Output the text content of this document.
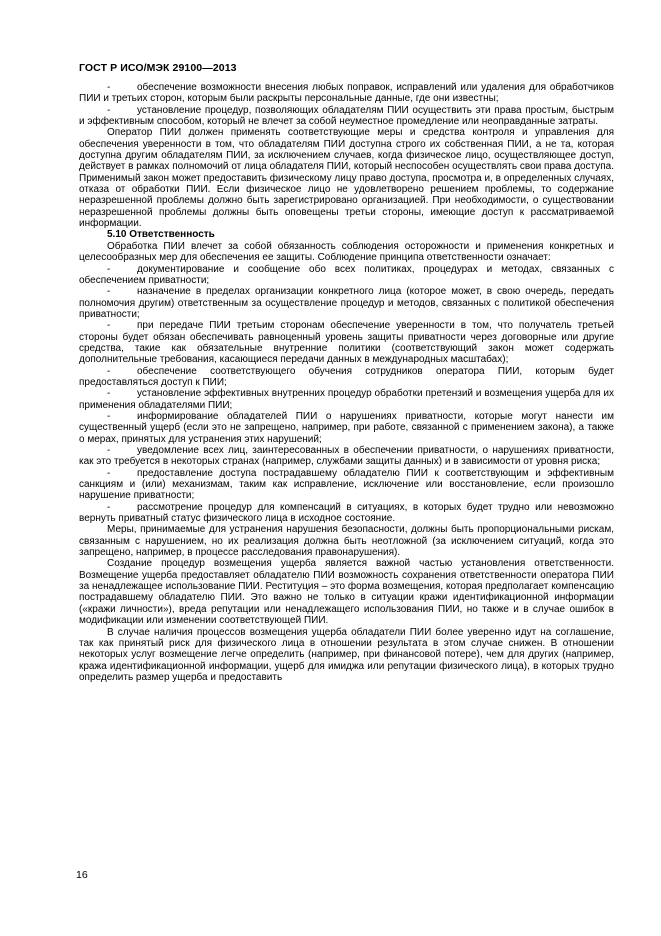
ГОСТ Р ИСО/МЭК 29100—2013

-	обеспечение возможности внесения любых поправок, исправлений или удаления для обработчиков ПИИ и третьих сторон, которым были раскрыты персональные данные, где они известны;

-	установление процедур, позволяющих обладателям ПИИ осуществить эти права простым, быстрым и эффективным способом, который не влечет за собой неуместное промедление или неоправданные затраты.

Оператор ПИИ должен применять соответствующие меры и средства контроля и управления для обеспечения уверенности в том, что обладателям ПИИ доступна строго их собственная ПИИ, а не та, которая доступна другим обладателям ПИИ, за исключением случаев, когда физическое лицо, осуществляющее доступ, действует в рамках полномочий от лица обладателя ПИИ, который неспособен осуществлять свои права доступа. Применимый закон может предоставить физическому лицу право доступа, просмотра и, в определенных случаях, отказа от обработки ПИИ. Если физическое лицо не удовлетворено решением проблемы, то содержание неразрешенной проблемы должно быть зарегистрировано организацией. При необходимости, о существовании неразрешенной проблемы должны быть оповещены третьи стороны, имеющие доступ к рассматриваемой информации.

5.10 Ответственность

Обработка ПИИ влечет за собой обязанность соблюдения осторожности и применения конкретных и целесообразных мер для обеспечения ее защиты. Соблюдение принципа ответственности означает:

-	документирование и сообщение обо всех политиках, процедурах и методах, связанных с обеспечением приватности;

-	назначение в пределах организации конкретного лица (которое может, в свою очередь, передать полномочия другим) ответственным за осуществление процедур и методов, связанных с политикой обеспечения приватности;

-	при передаче ПИИ третьим сторонам обеспечение уверенности в том, что получатель третьей стороны будет обязан обеспечивать равноценный уровень защиты приватности через договорные или другие средства, такие как обязательные внутренние политики (соответствующий закон может содержать дополнительные требования, касающиеся передачи данных в международных масштабах);

-	обеспечение соответствующего обучения сотрудников оператора ПИИ, которым будет предоставляться доступ к ПИИ;

-	установление эффективных внутренних процедур обработки претензий и возмещения ущерба для их применения обладателями ПИИ;

-	информирование обладателей ПИИ о нарушениях приватности, которые могут нанести им существенный ущерб (если это не запрещено, например, при работе, связанной с применением закона), а также о мерах, принятых для устранения этих нарушений;

-	уведомление всех лиц, заинтересованных в обеспечении приватности, о нарушениях приватности, как это требуется в некоторых странах (например, службами защиты данных) и в зависимости от уровня риска;

-	предоставление доступа пострадавшему обладателю ПИИ к соответствующим и эффективным санкциям и (или) механизмам, таким как исправление, исключение или восстановление, если произошло нарушение приватности;

-	рассмотрение процедур для компенсаций в ситуациях, в которых будет трудно или невозможно вернуть приватный статус физического лица в исходное состояние.

Меры, принимаемые для устранения нарушения безопасности, должны быть пропорциональными рискам, связанным с нарушением, но их реализация должна быть неотложной (за исключением ситуаций, когда это запрещено, например, в процессе расследования правонарушения).

Создание процедур возмещения ущерба является важной частью установления ответственности. Возмещение ущерба предоставляет обладателю ПИИ возможность сохранения ответственности оператора ПИИ за ненадлежащее использование ПИИ. Реституция – это форма возмещения, которая предполагает компенсацию пострадавшему обладателю ПИИ. Это важно не только в ситуации кражи идентификационной информации («кражи личности»), вреда репутации или ненадлежащего использования ПИИ, но также и в случае ошибок в модификации или изменении соответствующей ПИИ.

В случае наличия процессов возмещения ущерба обладатели ПИИ более уверенно идут на соглашение, так как принятый риск для физического лица в отношении результата в этом случае снижен. В отношении некоторых услуг возмещение легче определить (например, при финансовой потере), чем для других (например, кража идентификационной информации, ущерб для имиджа или репутации физического лица), в которых трудно определить размер ущерба и предоставить

16
